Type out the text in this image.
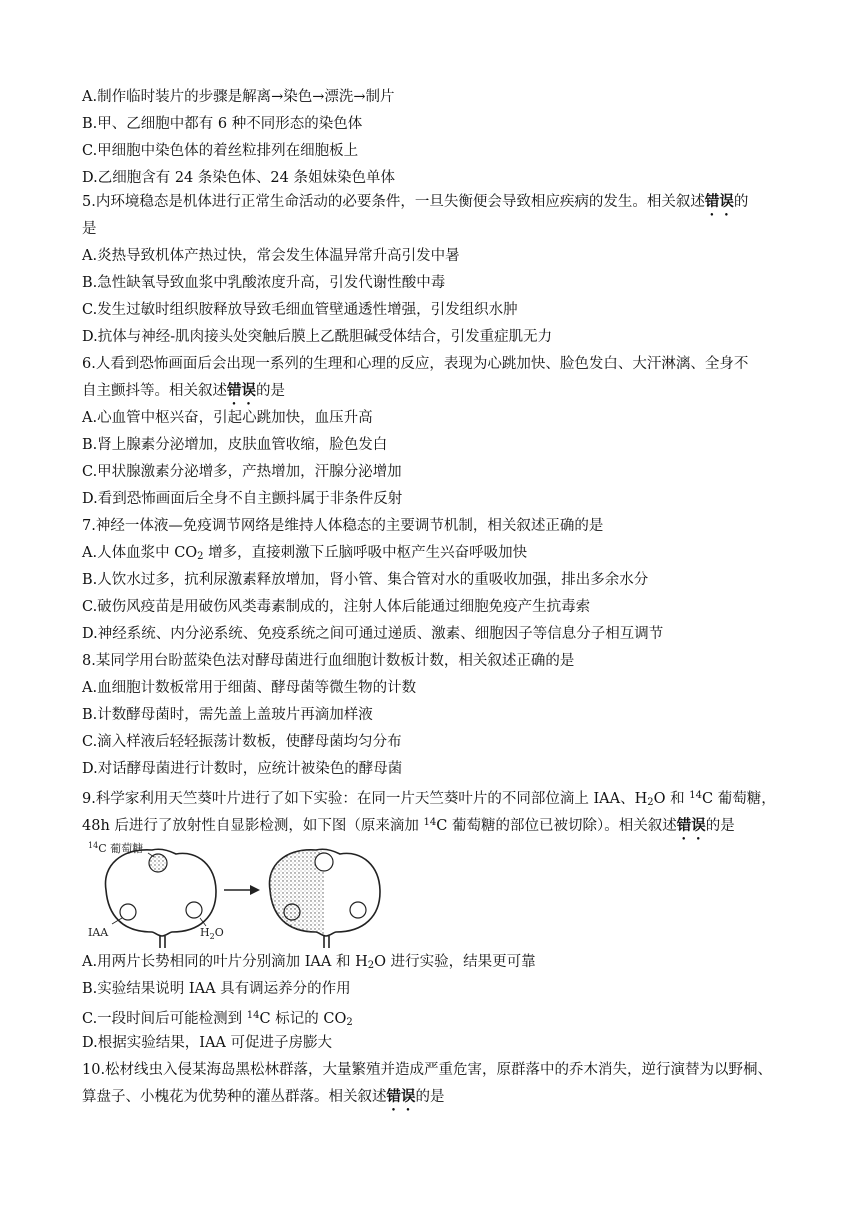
A.制作临时装片的步骤是解离→染色→漂洗→制片
B.甲、乙细胞中都有 6 种不同形态的染色体
C.甲细胞中染色体的着丝粒排列在细胞板上
D.乙细胞含有 24 条染色体、24 条姐妹染色单体
5.内环境稳态是机体进行正常生命活动的必要条件，一旦失衡便会导致相应疾病的发生。相关叙述错误的
是
A.炎热导致机体产热过快，常会发生体温异常升高引发中暑
B.急性缺氧导致血浆中乳酸浓度升高，引发代谢性酸中毒
C.发生过敏时组织胺释放导致毛细血管壁通透性增强，引发组织水肿
D.抗体与神经-肌肉接头处突触后膜上乙酰胆碱受体结合，引发重症肌无力
6.人看到恐怖画面后会出现一系列的生理和心理的反应，表现为心跳加快、脸色发白、大汗淋漓、全身不
自主颤抖等。相关叙述错误的是
A.心血管中枢兴奋，引起心跳加快，血压升高
B.肾上腺素分泌增加，皮肤血管收缩，脸色发白
C.甲状腺激素分泌增多，产热增加，汗腺分泌增加
D.看到恐怖画面后全身不自主颤抖属于非条件反射
7.神经一体液—免疫调节网络是维持人体稳态的主要调节机制，相关叙述正确的是
A.人体血浆中 $CO_2$ 增多，直接刺激下丘脑呼吸中枢产生兴奋呼吸加快
B.人饮水过多，抗利尿激素释放增加，肾小管、集合管对水的重吸收加强，排出多余水分
C.破伤风疫苗是用破伤风类毒素制成的，注射人体后能通过细胞免疫产生抗毒索
D.神经系统、内分泌系统、免疫系统之间可通过递质、激素、细胞因子等信息分子相互调节
8.某同学用台盼蓝染色法对酵母菌进行血细胞计数板计数，相关叙述正确的是
A.血细胞计数板常用于细菌、酵母菌等微生物的计数
B.计数酵母菌时，需先盖上盖玻片再滴加样液
C.滴入样液后轻轻振荡计数板，使酵母菌均匀分布
D.对话酵母菌进行计数时，应统计被染色的酵母菌
9.科学家利用天竺葵叶片进行了如下实验：在同一片天竺葵叶片的不同部位滴上 IAA、$H_2O$ 和 $^{14}$C 葡萄糖，
48h 后进行了放射性自显影检测，如下图（原来滴加 $^{14}$C 葡萄糖的部位已被切除）。相关叙述错误的是
$^{14}$C 葡萄糖
IAA	$H_2O$
A.用两片长势相同的叶片分别滴加 IAA 和 $H_2O$ 进行实验，结果更可靠
B.实验结果说明 IAA 具有调运养分的作用
C.一段时间后可能检测到 $^{14}$C 标记的 $CO_2$
D.根据实验结果，IAA 可促进子房膨大
10.松材线虫入侵某海岛黑松林群落，大量繁殖并造成严重危害，原群落中的乔木消失，逆行演替为以野桐、
算盘子、小槐花为优势种的灌丛群落。相关叙述错误的是
